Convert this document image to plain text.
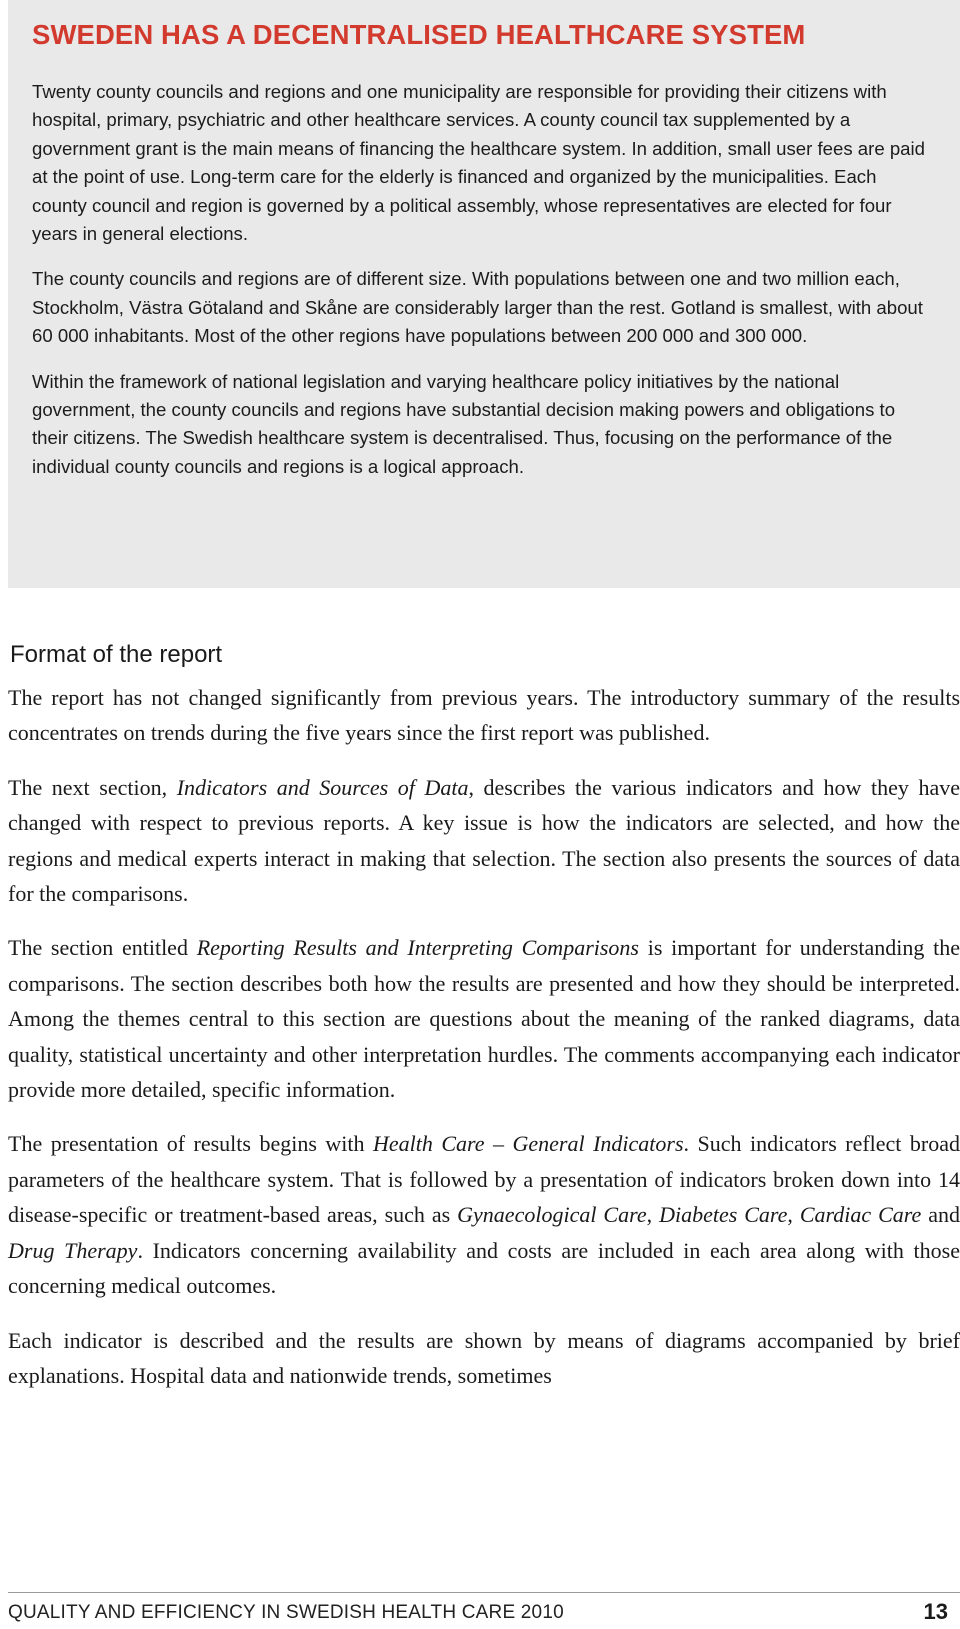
SWEDEN HAS A DECENTRALISED HEALTHCARE SYSTEM

Twenty county councils and regions and one municipality are responsible for providing their citizens with hospital, primary, psychiatric and other healthcare services. A county council tax supplemented by a government grant is the main means of financing the healthcare system. In addition, small user fees are paid at the point of use. Long-term care for the elderly is financed and organized by the municipalities. Each county council and region is governed by a political assembly, whose representatives are elected for four years in general elections.

The county councils and regions are of different size. With populations between one and two million each, Stockholm, Västra Götaland and Skåne are considerably larger than the rest. Gotland is smallest, with about 60 000 inhabitants. Most of the other regions have populations between 200 000 and 300 000.

Within the framework of national legislation and varying healthcare policy initiatives by the national government, the county councils and regions have substantial decision making powers and obligations to their citizens. The Swedish healthcare system is decentralised. Thus, focusing on the performance of the individual county councils and regions is a logical approach.

Format of the report

The report has not changed significantly from previous years. The introductory summary of the results concentrates on trends during the five years since the first report was published.

The next section, Indicators and Sources of Data, describes the various indicators and how they have changed with respect to previous reports. A key issue is how the indicators are selected, and how the regions and medical experts interact in making that selection. The section also presents the sources of data for the comparisons.

The section entitled Reporting Results and Interpreting Comparisons is important for understanding the comparisons. The section describes both how the results are presented and how they should be interpreted. Among the themes central to this section are questions about the meaning of the ranked diagrams, data quality, statistical uncertainty and other interpretation hurdles. The comments accompanying each indicator provide more detailed, specific information.

The presentation of results begins with Health Care – General Indicators. Such indicators reflect broad parameters of the healthcare system. That is followed by a presentation of indicators broken down into 14 disease-specific or treatment-based areas, such as Gynaecological Care, Diabetes Care, Cardiac Care and Drug Therapy. Indicators concerning availability and costs are included in each area along with those concerning medical outcomes.

Each indicator is described and the results are shown by means of diagrams accompanied by brief explanations. Hospital data and nationwide trends, sometimes

QUALITY AND EFFICIENCY IN SWEDISH HEALTH CARE 2010	13
